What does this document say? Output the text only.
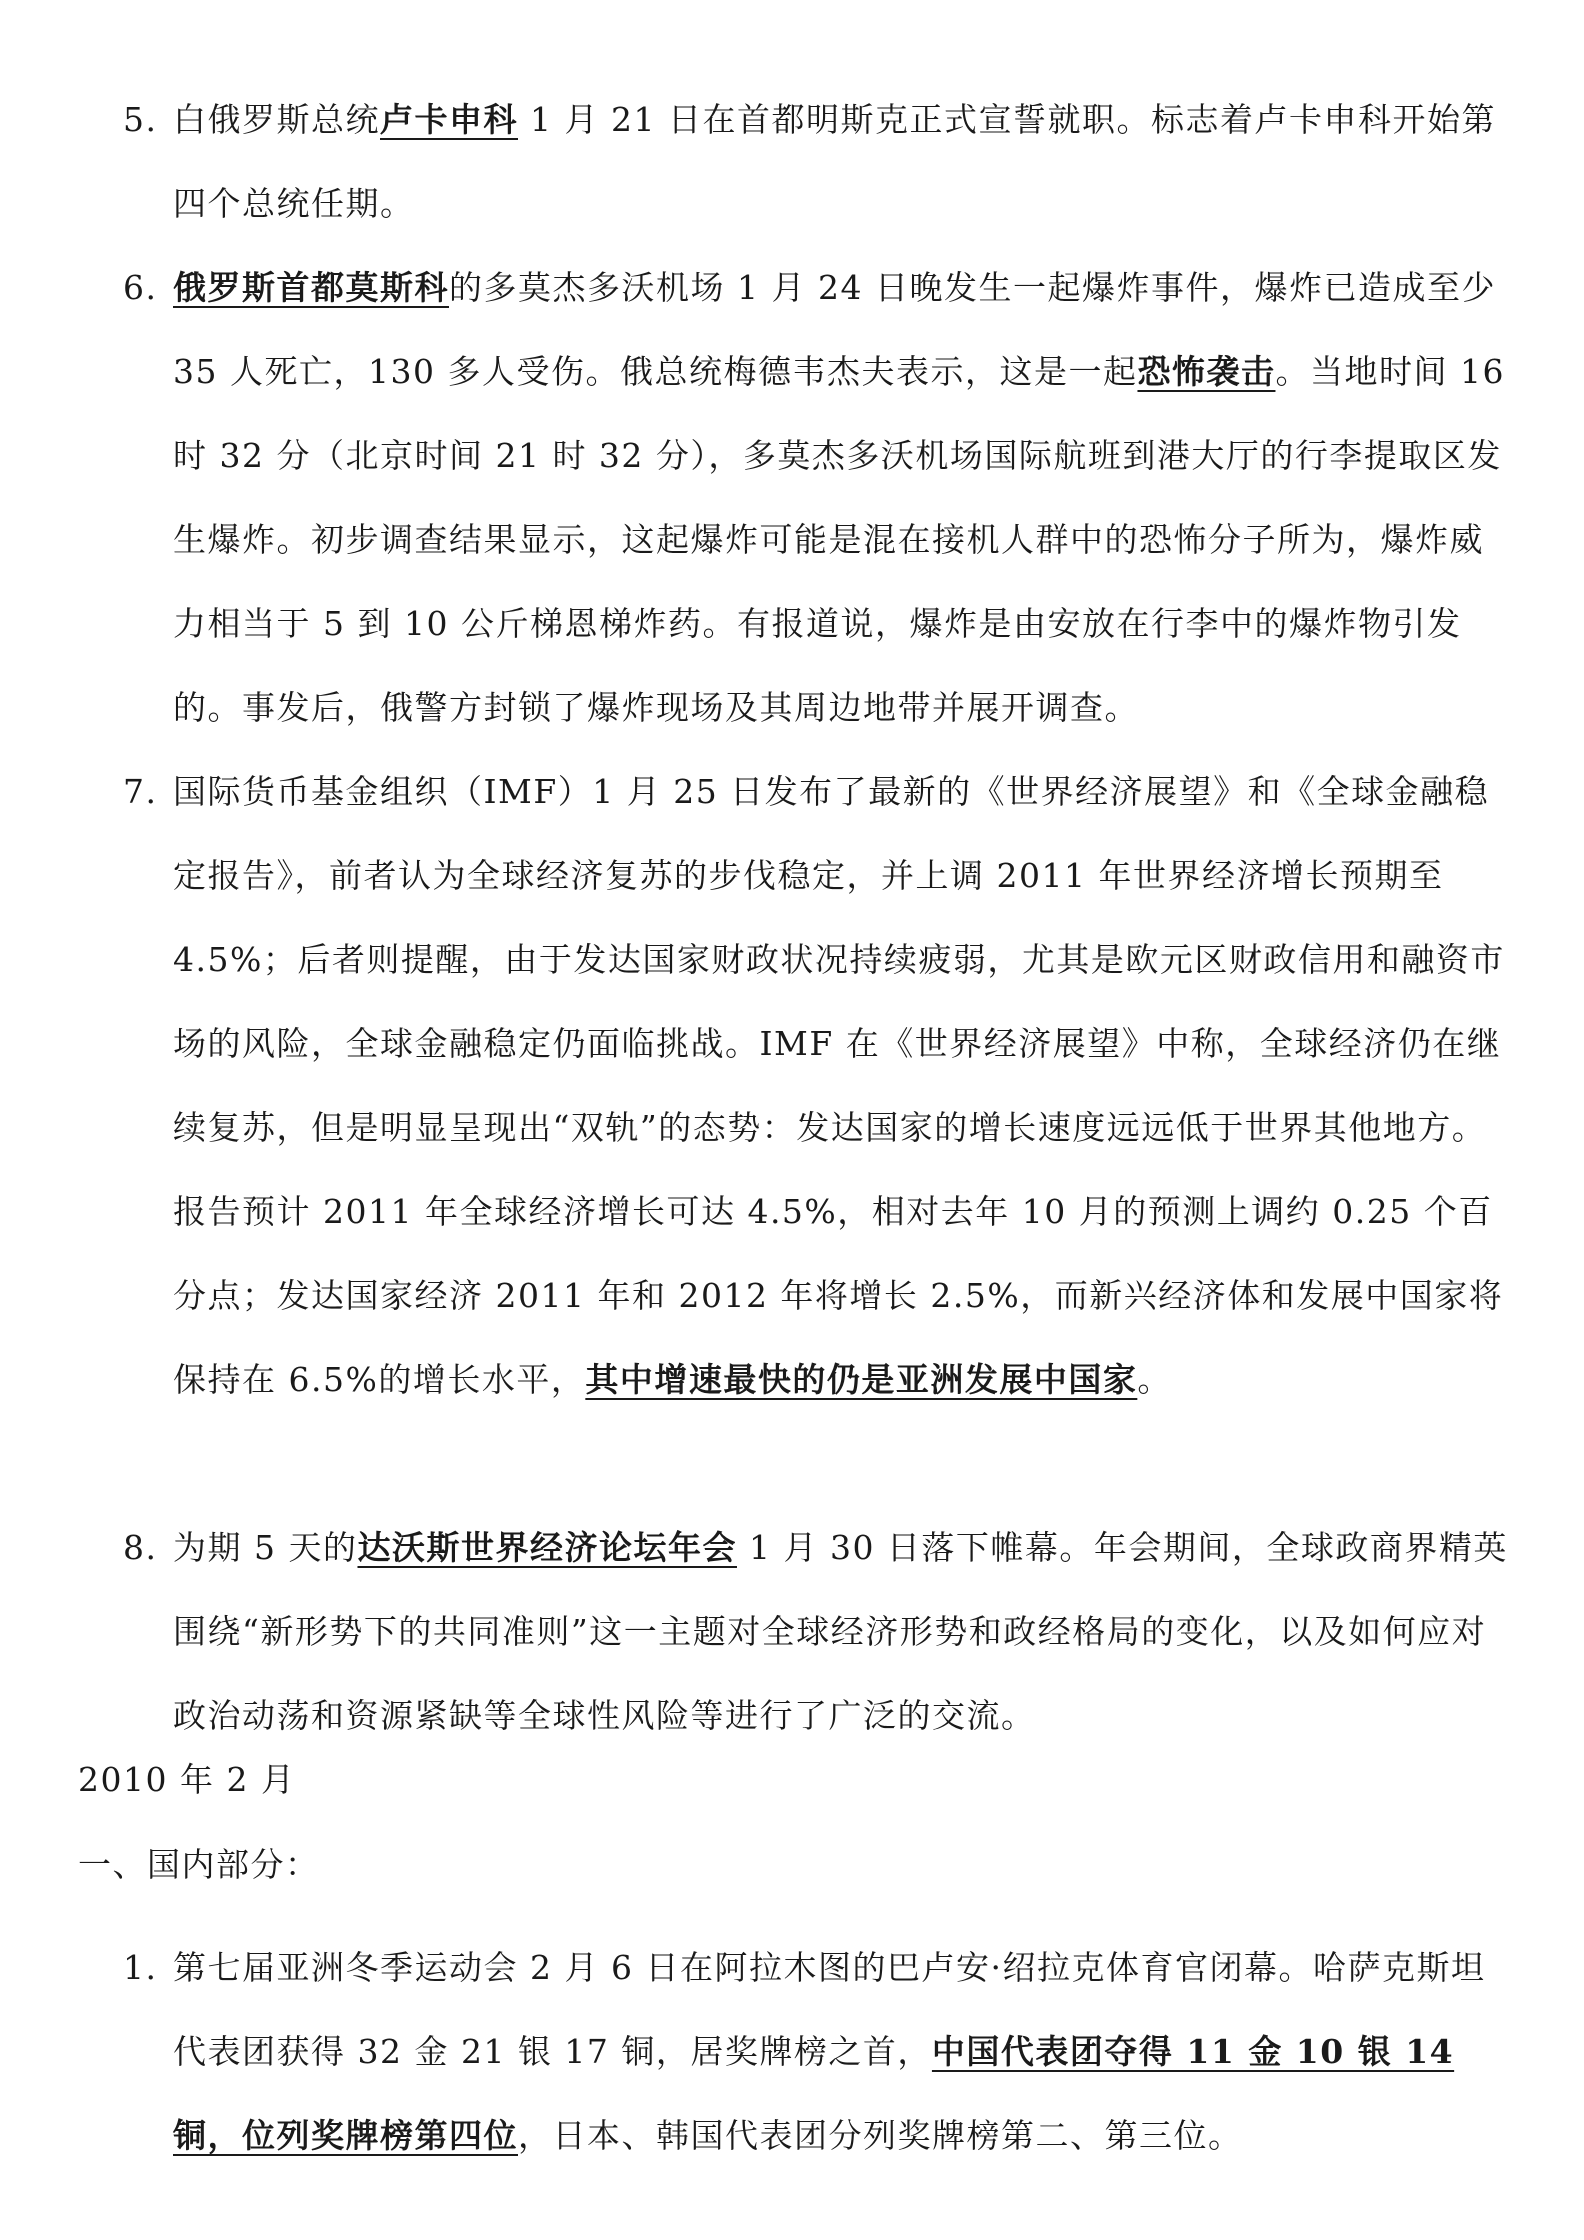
5. 白俄罗斯总统卢卡申科 1 月 21 日在首都明斯克正式宣誓就职。标志着卢卡申科开始第四个总统任期。
6. 俄罗斯首都莫斯科的多莫杰多沃机场 1 月 24 日晚发生一起爆炸事件，爆炸已造成至少 35 人死亡，130 多人受伤。俄总统梅德韦杰夫表示，这是一起恐怖袭击。当地时间 16 时 32 分（北京时间 21 时 32 分），多莫杰多沃机场国际航班到港大厅的行李提取区发生爆炸。初步调查结果显示，这起爆炸可能是混在接机人群中的恐怖分子所为，爆炸威力相当于 5 到 10 公斤梯恩梯炸药。有报道说，爆炸是由安放在行李中的爆炸物引发的。事发后，俄警方封锁了爆炸现场及其周边地带并展开调查。
7. 国际货币基金组织（IMF）1 月 25 日发布了最新的《世界经济展望》和《全球金融稳定报告》，前者认为全球经济复苏的步伐稳定，并上调 2011 年世界经济增长预期至 4.5%；后者则提醒，由于发达国家财政状况持续疲弱，尤其是欧元区财政信用和融资市场的风险，全球金融稳定仍面临挑战。IMF 在《世界经济展望》中称，全球经济仍在继续复苏，但是明显呈现出“双轨”的态势：发达国家的增长速度远远低于世界其他地方。报告预计 2011 年全球经济增长可达 4.5%，相对去年 10 月的预测上调约 0.25 个百分点；发达国家经济 2011 年和 2012 年将增长 2.5%，而新兴经济体和发展中国家将保持在 6.5%的增长水平，其中增速最快的仍是亚洲发展中国家。
8. 为期 5 天的达沃斯世界经济论坛年会 1 月 30 日落下帷幕。年会期间，全球政商界精英围绕“新形势下的共同准则”这一主题对全球经济形势和政经格局的变化，以及如何应对政治动荡和资源紧缺等全球性风险等进行了广泛的交流。
2010 年 2 月
一、国内部分：
1. 第七届亚洲冬季运动会 2 月 6 日在阿拉木图的巴卢安·绍拉克体育官闭幕。哈萨克斯坦代表团获得 32 金 21 银 17 铜，居奖牌榜之首，中国代表团夺得 11 金 10 银 14 铜，位列奖牌榜第四位，日本、韩国代表团分列奖牌榜第二、第三位。
